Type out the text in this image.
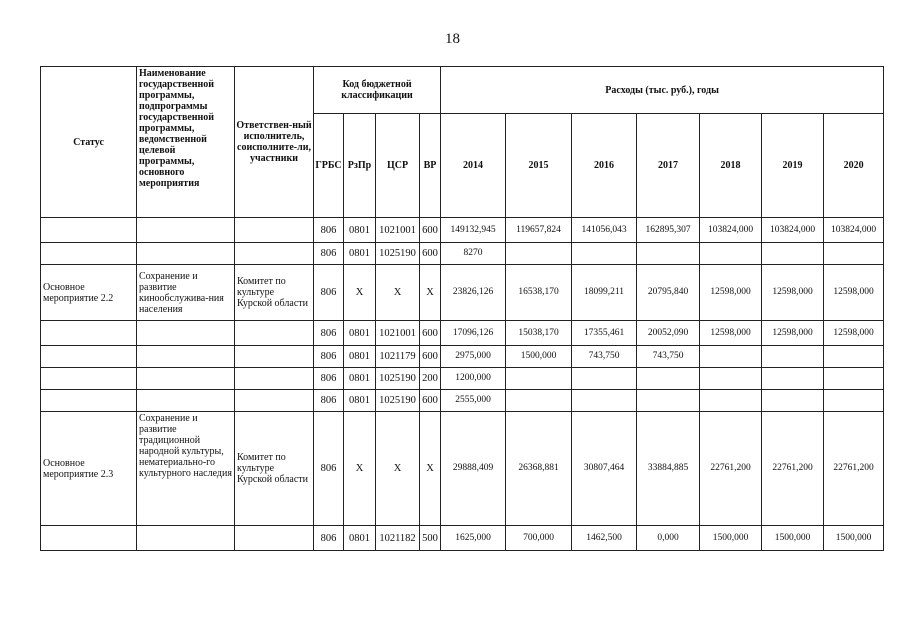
18
Статус	Наименование государственной программы, подпрограммы государственной программы, ведомственной целевой программы, основного мероприятия	Ответствен-ный исполнитель, соисполните-ли, участники	Код бюджетной классификации				Расходы (тыс. руб.), годы						
			ГРБС	РзПр	ЦСР	ВР	2014	2015	2016	2017	2018	2019	2020
			806	0801	1021001	600	149132,945	119657,824	141056,043	162895,307	103824,000	103824,000	103824,000
			806	0801	1025190	600	8270						
Основное мероприятие 2.2	Сохранение и развитие кинообслужива-ния населения	Комитет по культуре Курской области	806	X	X	X	23826,126	16538,170	18099,211	20795,840	12598,000	12598,000	12598,000
			806	0801	1021001	600	17096,126	15038,170	17355,461	20052,090	12598,000	12598,000	12598,000
			806	0801	1021179	600	2975,000	1500,000	743,750	743,750			
			806	0801	1025190	200	1200,000						
			806	0801	1025190	600	2555,000						
Основное мероприятие 2.3	Сохранение и развитие традиционной народной культуры, нематериально-го культурного наследия	Комитет по культуре Курской области	806	X	X	X	29888,409	26368,881	30807,464	33884,885	22761,200	22761,200	22761,200
			806	0801	1021182	500	1625,000	700,000	1462,500	0,000	1500,000	1500,000	1500,000
